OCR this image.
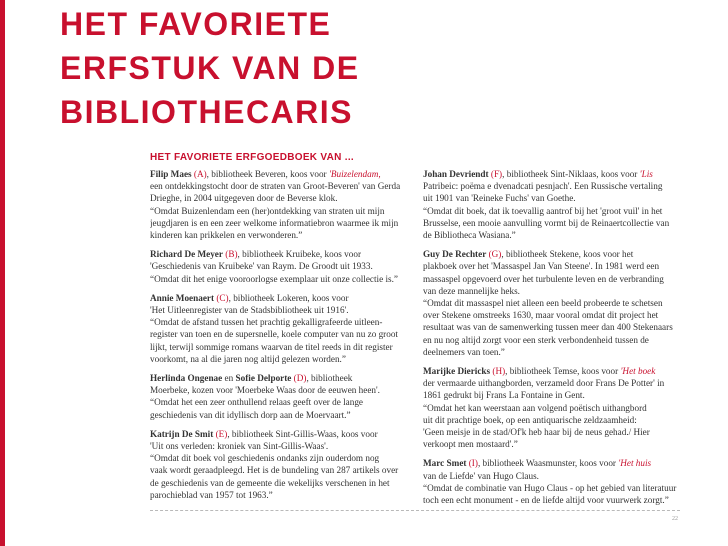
HET FAVORIETE
ERFSTUK VAN DE
BIBLIOTHECARIS
HET FAVORIETE ERFGOEDBOEK VAN ...
• Filip Maes (A), bibliotheek Beveren, koos voor 'Buizelendam,
een ontdekkingstocht door de straten van Groot-Beveren' van Gerda
Drieghe, in 2004 uitgegeven door de Beverse klok.
“Omdat Buizenlendam een (her)ontdekking van straten uit mijn
jeugdjaren is en een zeer welkome informatiebron waarmee ik mijn
kinderen kan prikkelen en verwonderen.”
• Richard De Meyer (B), bibliotheek Kruibeke, koos voor
'Geschiedenis van Kruibeke' van Raym. De Groodt uit 1933.
“Omdat dit het enige vooroorlogse exemplaar uit onze collectie is.”
• Annie Moenaert (C), bibliotheek Lokeren, koos voor
'Het Uitleenregister van de Stadsbibliotheek uit 1916'.
“Omdat de afstand tussen het prachtig gekalligrafeerde uitleen-
register van toen en de supersnelle, koele computer van nu zo groot
lijkt, terwijl sommige romans waarvan de titel reeds in dit register
voorkomt, na al die jaren nog altijd gelezen worden.”
• Herlinda Ongenae en Sofie Delporte (D), bibliotheek
Moerbeke, kozen voor 'Moerbeke Waas door de eeuwen heen'.
“Omdat het een zeer onthullend relaas geeft over de lange
geschiedenis van dit idyllisch dorp aan de Moervaart.”
• Katrijn De Smit (E), bibliotheek Sint-Gillis-Waas, koos voor
'Uit ons verleden: kroniek van Sint-Gillis-Waas'.
“Omdat dit boek vol geschiedenis ondanks zijn ouderdom nog
vaak wordt geraadpleegd. Het is de bundeling van 287 artikels over
de geschiedenis van de gemeente die wekelijks verschenen in het
parochieblad van 1957 tot 1963.”
• Johan Devriendt (F), bibliotheek Sint-Niklaas, koos voor 'Lis
Patribeic: poëma e dvenadcati pesnjach'. Een Russische vertaling
uit 1901 van 'Reineke Fuchs' van Goethe.
“Omdat dit boek, dat ik toevallig aantrof bij het 'groot vuil' in het
Brusselse, een mooie aanvulling vormt bij de Reinaertcollectie van
de Bibliotheca Wasiana.”
• Guy De Rechter (G), bibliotheek Stekene, koos voor het
plakboek over het 'Massaspel Jan Van Steene'. In 1981 werd een
massaspel opgevoerd over het turbulente leven en de verbranding
van deze mannelijke heks.
“Omdat dit massaspel niet alleen een beeld probeerde te schetsen
over Stekene omstreeks 1630, maar vooral omdat dit project het
resultaat was van de samenwerking tussen meer dan 400 Stekenaars
en nu nog altijd zorgt voor een sterk verbondenheid tussen de
deelnemers van toen.”
• Marijke Diericks (H), bibliotheek Temse, koos voor 'Het boek
der vermaarde uithangborden, verzameld door Frans De Potter' in
1861 gedrukt bij Frans La Fontaine in Gent.
“Omdat het kan weerstaan aan volgend poëtisch uithangbord
uit dit prachtige boek, op een antiquarische zeldzaamheid:
'Geen meisje in de stad/Of'k heb haar bij de neus gehad./ Hier
verkoopt men mostaard'.”
• Marc Smet (I), bibliotheek Waasmunster, koos voor 'Het huis
van de Liefde' van Hugo Claus.
“Omdat de combinatie van Hugo Claus - op het gebied van literatuur
toch een echt monument - en de liefde altijd voor vuurwerk zorgt.”
22
